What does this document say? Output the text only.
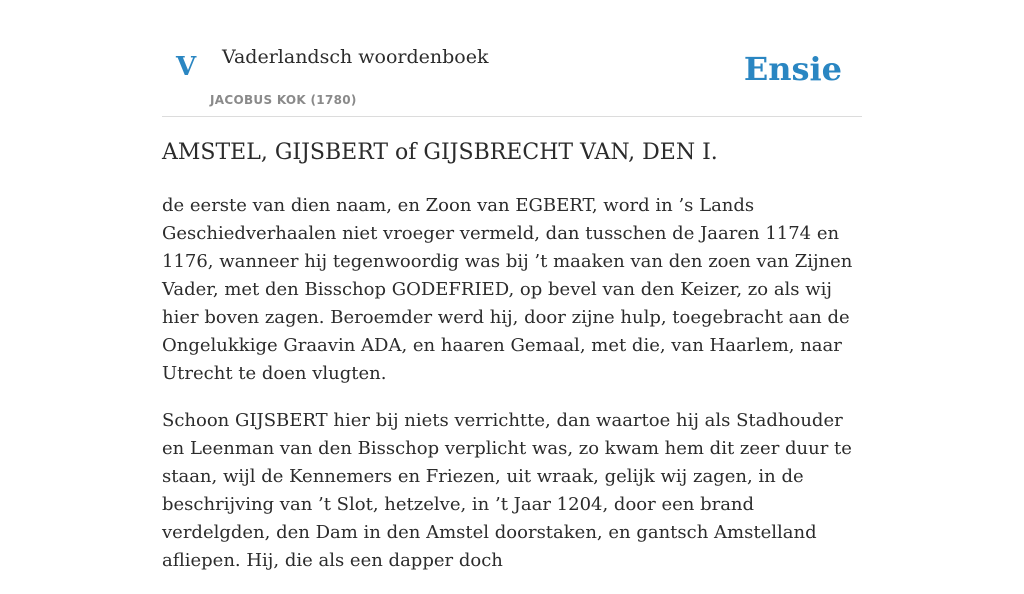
V Vaderlandsch woordenboek
JACOBUS KOK (1780)
Ensie
AMSTEL, GIJSBERT of GIJSBRECHT VAN, DEN I.

de eerste van dien naam, en Zoon van EGBERT, word in ’s Lands Geschiedverhaalen niet vroeger vermeld, dan tusschen de Jaaren 1174 en 1176, wanneer hij tegenwoordig was bij ’t maaken van den zoen van Zijnen Vader, met den Bisschop GODEFRIED, op bevel van den Keizer, zo als wij hier boven zagen. Beroemder werd hij, door zijne hulp, toegebracht aan de Ongelukkige Graavin ADA, en haaren Gemaal, met die, van Haarlem, naar Utrecht te doen vlugten.

Schoon GIJSBERT hier bij niets verrichtte, dan waartoe hij als Stadhouder en Leenman van den Bisschop verplicht was, zo kwam hem dit zeer duur te staan, wijl de Kennemers en Friezen, uit wraak, gelijk wij zagen, in de beschrijving van ’t Slot, hetzelve, in ’t Jaar 1204, door een brand verdelgden, den Dam in den Amstel doorstaken, en gantsch Amstelland afliepen. Hij, die als een dapper doch
